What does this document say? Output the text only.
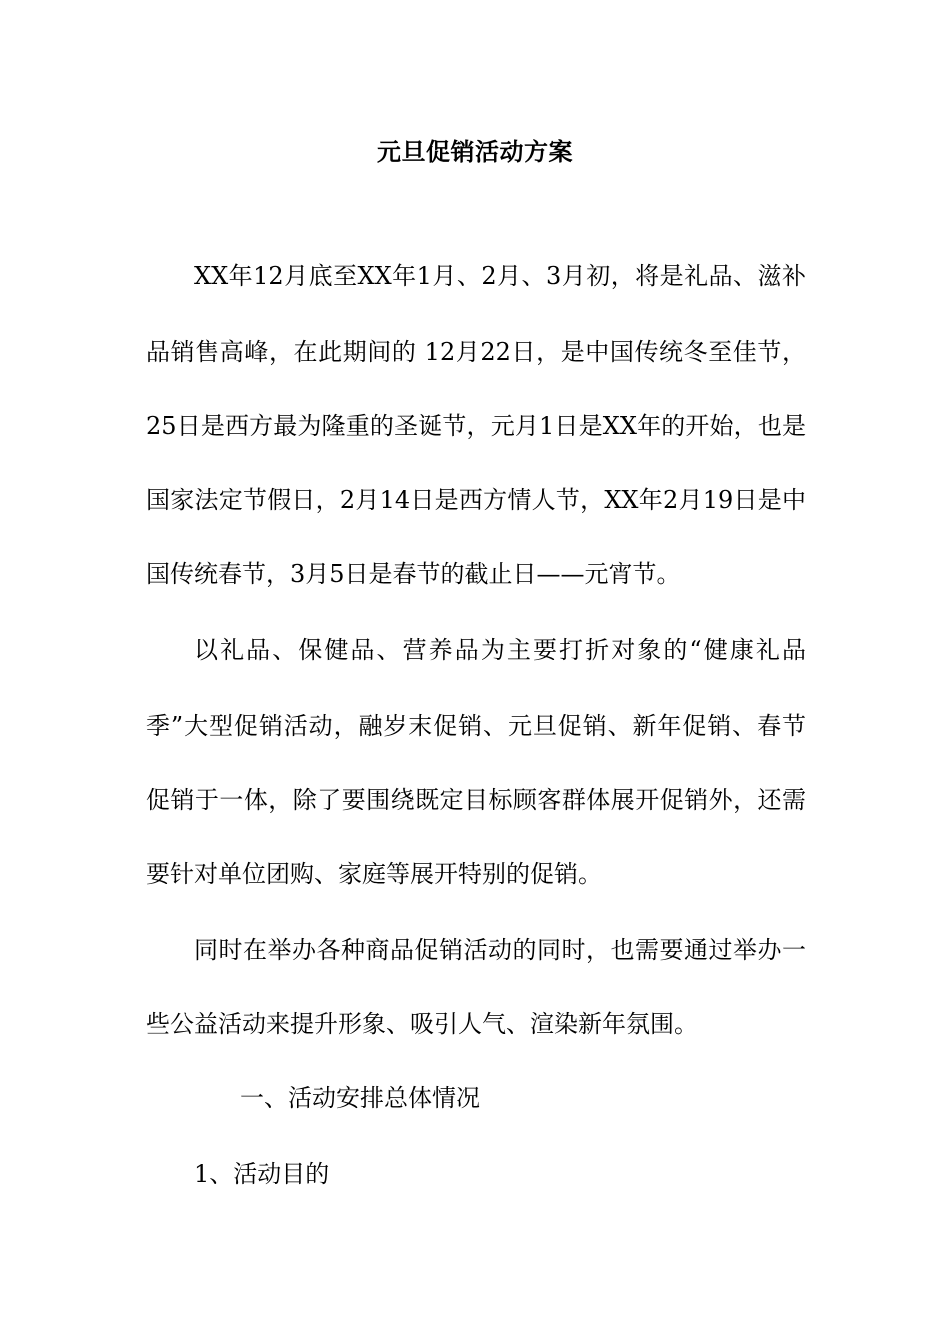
元旦促销活动方案

XX年12月底至XX年1月、2月、3月初，将是礼品、滋补

品销售高峰，在此期间的 12月22日，是中国传统冬至佳节，

25日是西方最为隆重的圣诞节，元月1日是XX年的开始，也是

国家法定节假日，2月14日是西方情人节，XX年2月19日是中

国传统春节，3月5日是春节的截止日——元宵节。

以礼品、保健品、营养品为主要打折对象的“健康礼品

季”大型促销活动，融岁末促销、元旦促销、新年促销、春节

促销于一体，除了要围绕既定目标顾客群体展开促销外，还需

要针对单位团购、家庭等展开特别的促销。

同时在举办各种商品促销活动的同时，也需要通过举办一

些公益活动来提升形象、吸引人气、渲染新年氛围。

一、活动安排总体情况

1、活动目的
